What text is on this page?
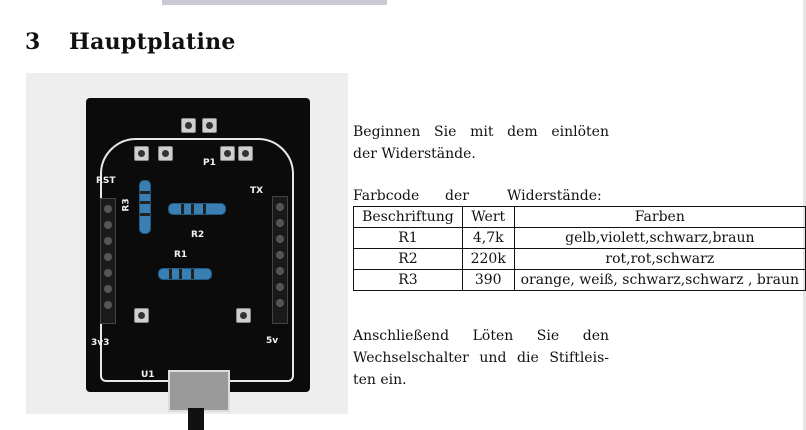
3 Hauptplatine
RST
TX
P1
R3
R2
R1
3v3	5v
U1
Beginnen Sie mit dem einlöten
der Widerstände.
Farbcode der	Widerstände:
Beschriftung	Wert	Farben
R1	4,7k	gelb,violett,schwarz,braun
R2	220k	rot,rot,schwarz
R3	390	orange, weiß, schwarz,schwarz , braun
Anschließend Löten Sie den
Wechselschalter und die Stiftleis-
ten ein.
